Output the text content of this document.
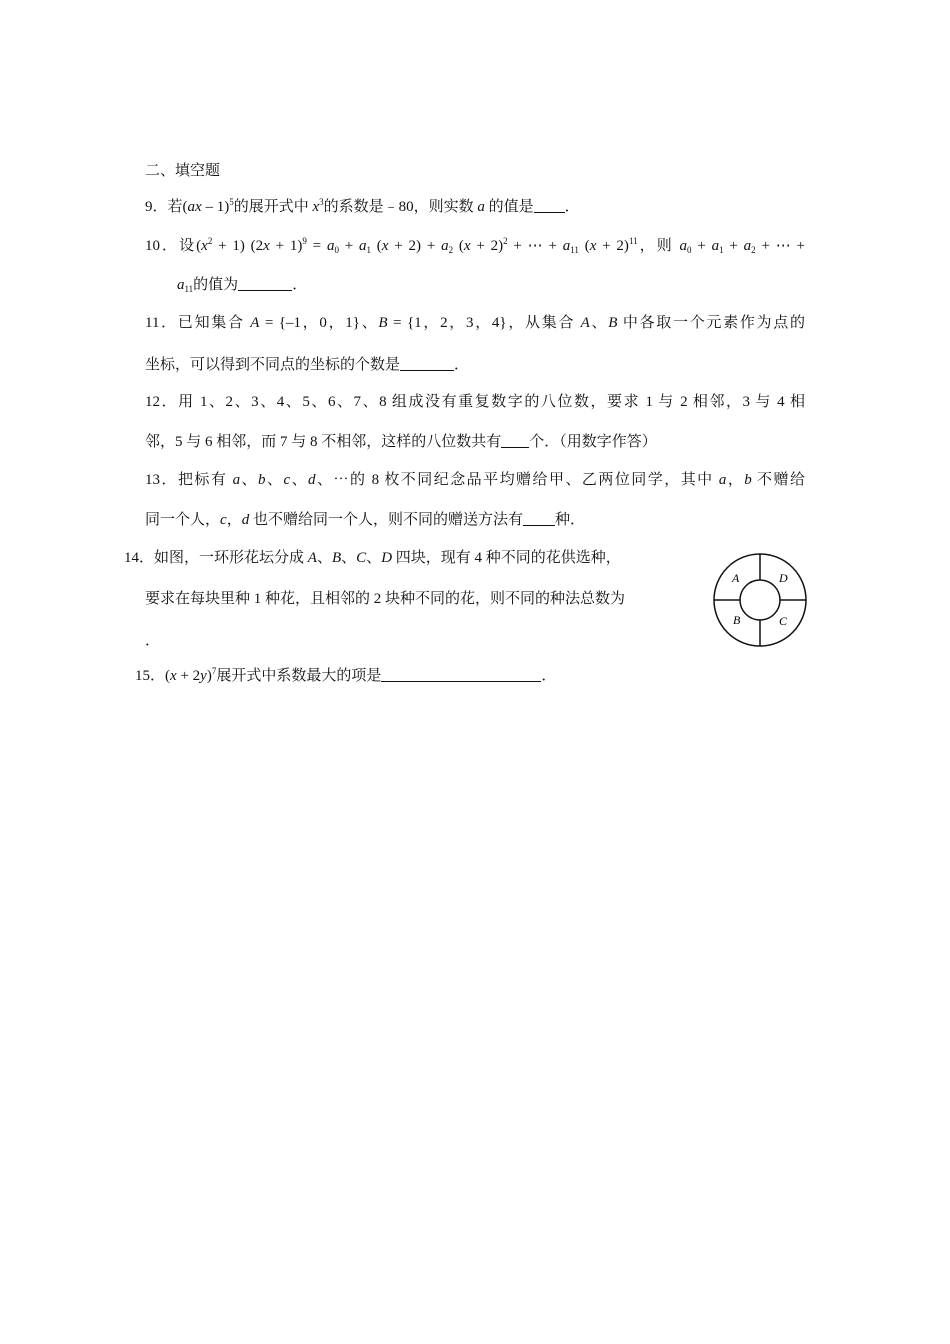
二、填空题
9．若(ax – 1)$^5$的展开式中 $x^3$的系数是﹣80，则实数 a 的值是 ．
10．设$(x^2 + 1) (2x + 1)^9 = a_0 + a_1$ $(x + 2) + a_2$ $(x + 2)^2$ + ⋯ + $a_{11}$ $(x + 2)^{11}$，则 $a_0 + a_1 + a_2$ + ⋯ +
$a_{11}$的值为	．
11．已知集合 A = {–1，0，1}、B = {1，2，3，4}，从集合 A、B 中各取一个元素作为点的
坐标，可以得到不同点的坐标的个数是	．
12．用 1、2、3、4、5、6、7、8 组成没有重复数字的八位数，要求 1 与 2 相邻，3 与 4 相
邻，5 与 6 相邻，而 7 与 8 不相邻，这样的八位数共有 个．（用数字作答）
13．把标有 a、b、c、d、⋯的 8 枚不同纪念品平均赠给甲、乙两位同学，其中 a，b 不赠给
同一个人，c，d 也不赠给同一个人，则不同的赠送方法有 种．
14．如图，一环形花坛分成 A、B、C、D 四块，现有 4 种不同的花供选种，
要求在每块里种 1 种花，且相邻的 2 块种不同的花，则不同的种法总数为
．
A	D
B	C
15．$(x + 2y)^7$展开式中系数最大的项是	．
